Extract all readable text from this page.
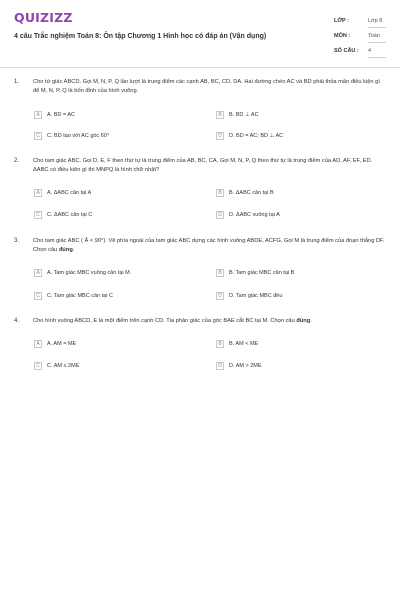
QUIZIZZ
4 câu Trắc nghiệm Toán 8: Ôn tập Chương 1 Hình học có đáp án (Vận dụng)
LỚP :	Lớp 8
MÔN :	Toán
SỐ CÂU : 4
1. Cho tứ giác ABCD. Gọi M, N, P, Q lần lượt là trung điểm các cạnh AB, BC, CD, DA. Hai đường chéo AC và BD phải thỏa mãn điều kiện gì để M, N, P, Q là bốn đỉnh của hình vuông.
A	A. BD = AC	B	B. BD ⊥ AC
C	C. BD tạo với AC góc 60°	D	D. BD = AC; BD ⊥ AC
2. Cho tam giác ABC. Gọi D, E, F theo thứ tự là trung điểm của AB, BC, CA. Gọi M, N, P, Q theo thứ tự là trung điểm của AD, AF, EF, ED. ΔABC có điều kiện gì thì MNPQ là hình chữ nhật?
A	A. ΔABC cân tại A	B	B. ΔABC cân tại B
C	C. ΔABC cân tại C	D	D. ΔABC vuông tại A
3. Cho tam giác ABC ( Â < 90°). Vẽ phía ngoài của tam giác ABC dựng các hình vuông ABDE, ACFG. Gọi M là trung điểm của đoạn thẳng DF. Chọn câu đúng.
A	A. Tam giác MBC vuông cân tại M.	B	B. Tam giác MBC cân tại B
C	C. Tam giác MBC cân tại C	D	D. Tam giác MBC đều
4. Cho hình vuông ABCD, E là một điểm trên cạnh CD. Tia phân giác của góc BAE cắt BC tại M. Chọn câu đúng.
A	A. AM = ME	B	B. AM < ME
C	C. AM ≤ 2ME	D	D. AM > 2ME
